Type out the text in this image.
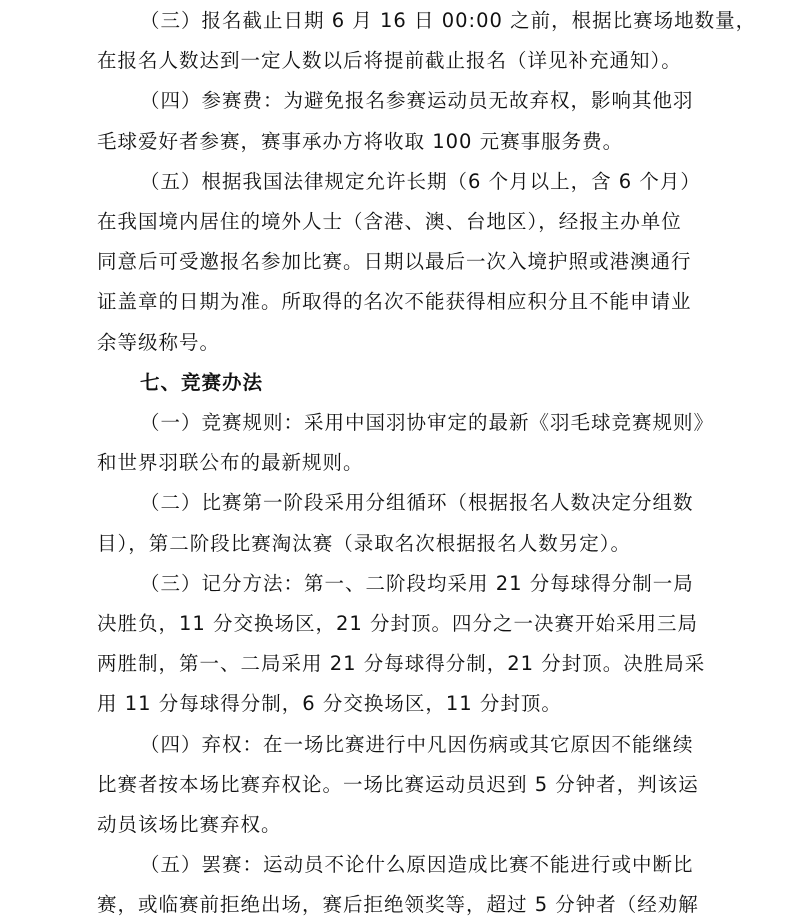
（三）报名截止日期 6 月 16 日 00:00 之前，根据比赛场地数量，
在报名人数达到一定人数以后将提前截止报名（详见补充通知）。
（四）参赛费：为避免报名参赛运动员无故弃权，影响其他羽
毛球爱好者参赛，赛事承办方将收取 100 元赛事服务费。
（五）根据我国法律规定允许长期（6 个月以上，含 6 个月）
在我国境内居住的境外人士（含港、澳、台地区），经报主办单位
同意后可受邀报名参加比赛。日期以最后一次入境护照或港澳通行
证盖章的日期为准。所取得的名次不能获得相应积分且不能申请业
余等级称号。
七、竞赛办法
（一）竞赛规则：采用中国羽协审定的最新《羽毛球竞赛规则》
和世界羽联公布的最新规则。
（二）比赛第一阶段采用分组循环（根据报名人数决定分组数
目），第二阶段比赛淘汰赛（录取名次根据报名人数另定）。
（三）记分方法：第一、二阶段均采用 21 分每球得分制一局
决胜负，11 分交换场区，21 分封顶。四分之一决赛开始采用三局
两胜制，第一、二局采用 21 分每球得分制，21 分封顶。决胜局采
用 11 分每球得分制，6 分交换场区，11 分封顶。
（四）弃权：在一场比赛进行中凡因伤病或其它原因不能继续
比赛者按本场比赛弃权论。一场比赛运动员迟到 5 分钟者，判该运
动员该场比赛弃权。
（五）罢赛：运动员不论什么原因造成比赛不能进行或中断比
赛，或临赛前拒绝出场，赛后拒绝领奖等，超过 5 分钟者（经劝解
